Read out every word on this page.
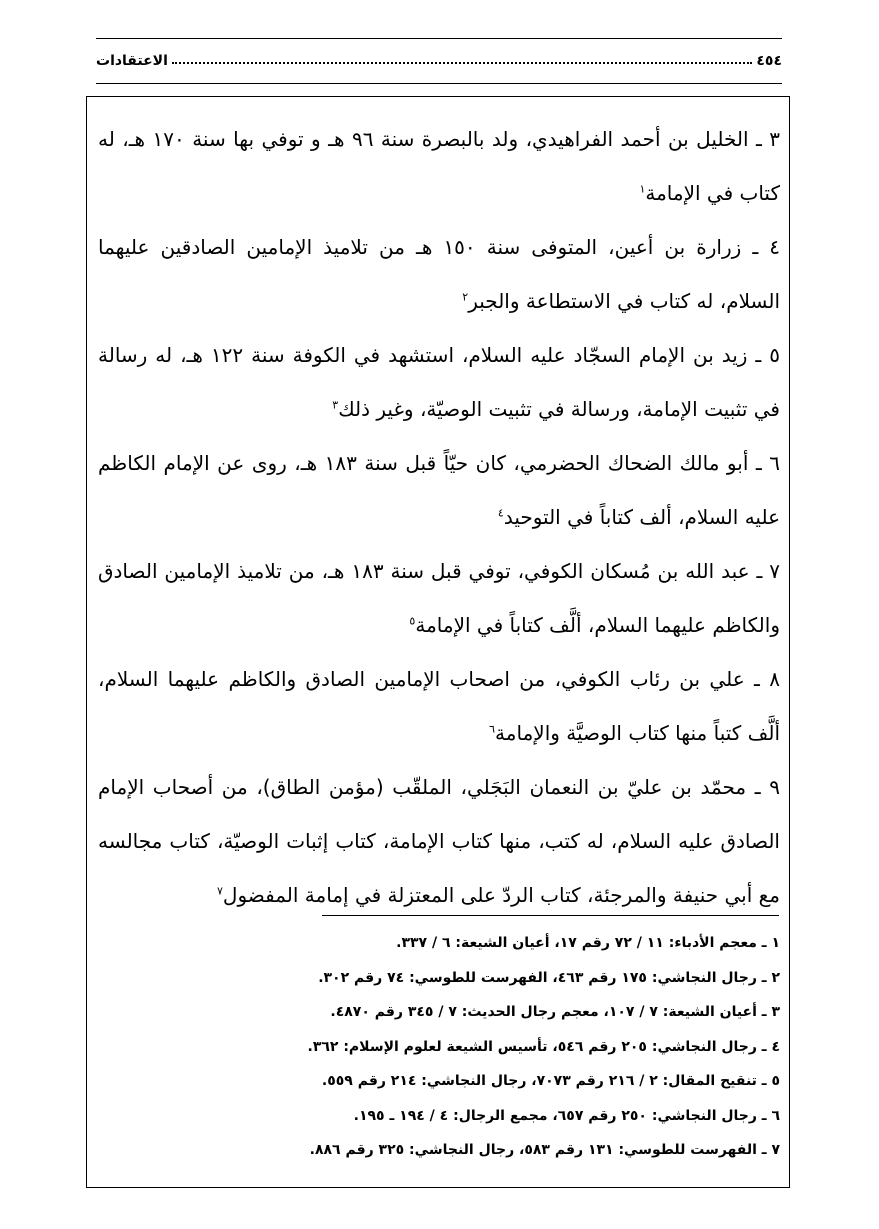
٤٥٤
الاعتقادات

٣ ـ الخليل بن أحمد الفراهيدي، ولد بالبصرة سنة ٩٦ هـ و توفي بها سنة ١٧٠ هـ، له كتاب في الإمامة$^١$

٤ ـ زرارة بن أعين، المتوفى سنة ١٥٠ هـ من تلاميذ الإمامين الصادقين عليهما السلام، له كتاب في الاستطاعة والجبر$^٢$

٥ ـ زيد بن الإمام السجّاد عليه السلام، استشهد في الكوفة سنة ١٢٢ هـ، له رسالة في تثبيت الإمامة، ورسالة في تثبيت الوصيّة، وغير ذلك$^٣$

٦ ـ أبو مالك الضحاك الحضرمي، كان حيّاً قبل سنة ١٨٣ هـ، روى عن الإمام الكاظم عليه السلام، ألف كتاباً في التوحيد$^٤$

٧ ـ عبد الله بن مُسكان الكوفي، توفي قبل سنة ١٨٣ هـ، من تلاميذ الإمامين الصادق والكاظم عليهما السلام، ألَّف كتاباً في الإمامة$^٥$

٨ ـ علي بن رئاب الكوفي، من اصحاب الإمامين الصادق والكاظم عليهما السلام، ألَّف كتباً منها كتاب الوصيَّة والإمامة$^٦$

٩ ـ محمّد بن عليّ بن النعمان البَجَلي، الملقّب (مؤمن الطاق)، من أصحاب الإمام الصادق عليه السلام، له كتب، منها كتاب الإمامة، كتاب إثبات الوصيّة، كتاب مجالسه مع أبي حنيفة والمرجئة، كتاب الردّ على المعتزلة في إمامة المفضول$^٧$

١ ـ معجم الأدباء: ١١ / ٧٢ رقم ١٧، أعيان الشيعة: ٦ / ٣٣٧.
٢ ـ رجال النجاشي: ١٧٥ رقم ٤٦٣، الفهرست للطوسي: ٧٤ رقم ٣٠٢.
٣ ـ أعيان الشيعة: ٧ / ١٠٧، معجم رجال الحديث: ٧ / ٣٤٥ رقم ٤٨٧٠.
٤ ـ رجال النجاشي: ٢٠٥ رقم ٥٤٦، تأسيس الشيعة لعلوم الإسلام: ٣٦٢.
٥ ـ تنقيح المقال: ٢ / ٢١٦ رقم ٧٠٧٣، رجال النجاشي: ٢١٤ رقم ٥٥٩.
٦ ـ رجال النجاشي: ٢٥٠ رقم ٦٥٧، مجمع الرجال: ٤ / ١٩٤ ـ ١٩٥.
٧ ـ الفهرست للطوسي: ١٣١ رقم ٥٨٣، رجال النجاشي: ٣٢٥ رقم ٨٨٦.
